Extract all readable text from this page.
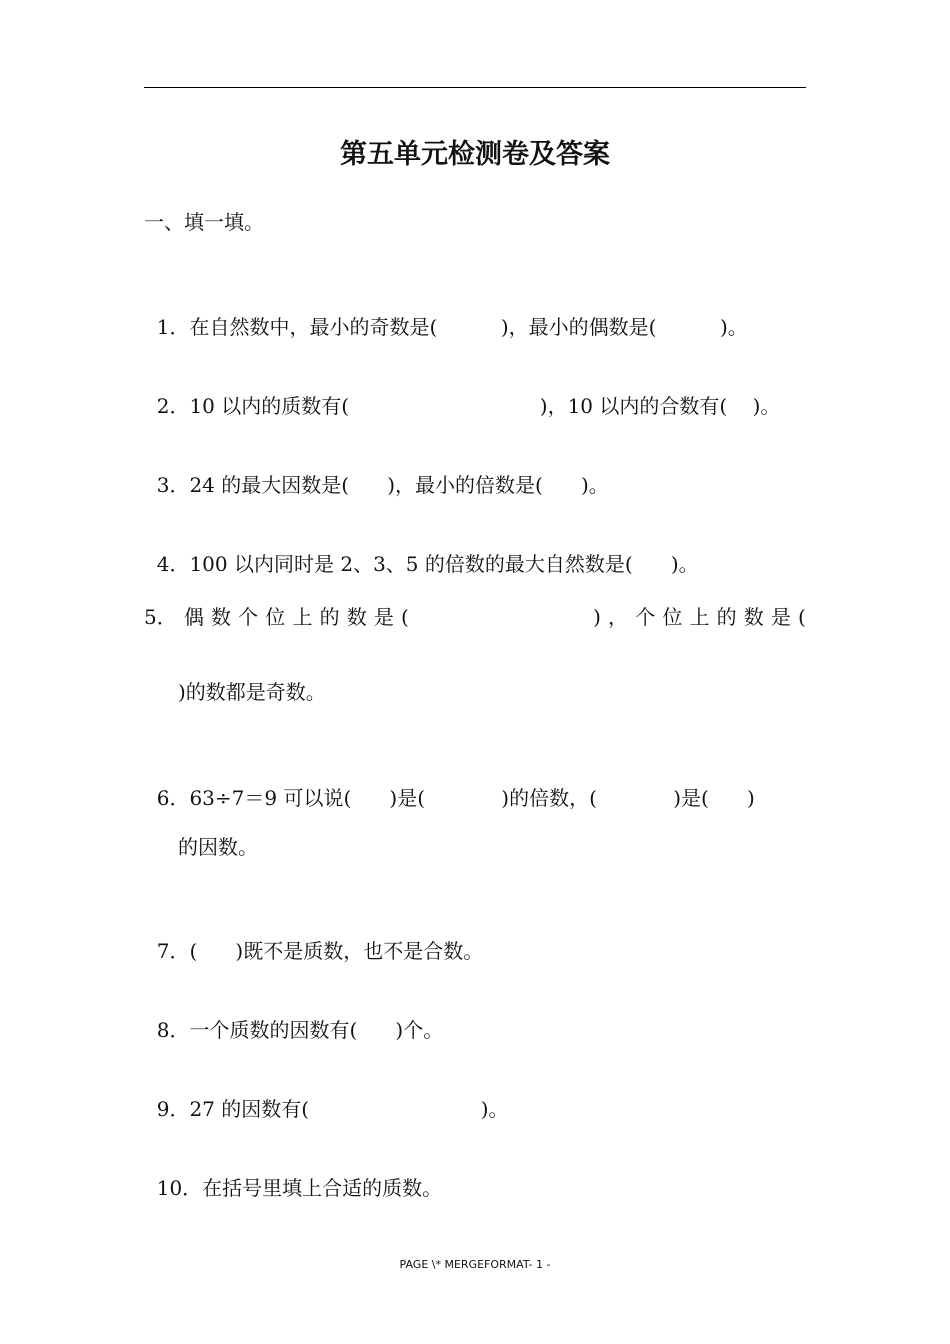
第五单元检测卷及答案
一、填一填。

1．在自然数中，最小的奇数是(          )，最小的偶数是(          )。

2．10 以内的质数有(                              )，10 以内的合数有(    )。

3．24 的最大因数是(      )，最小的倍数是(      )。

4．100 以内同时是 2、3、5 的倍数的最大自然数是(      )。

5． 偶 数 个 位 上 的 数 是 (	) ， 个 位 上 的 数 是 (
)的数都是奇数。

6．63÷7＝9 可以说(      )是(            )的倍数，(            )是(      )

的因数。

7．(      )既不是质数，也不是合数。

8．一个质数的因数有(      )个。

9．27 的因数有(                           )。

10．在括号里填上合适的质数。

PAGE \* MERGEFORMAT- 1 -
